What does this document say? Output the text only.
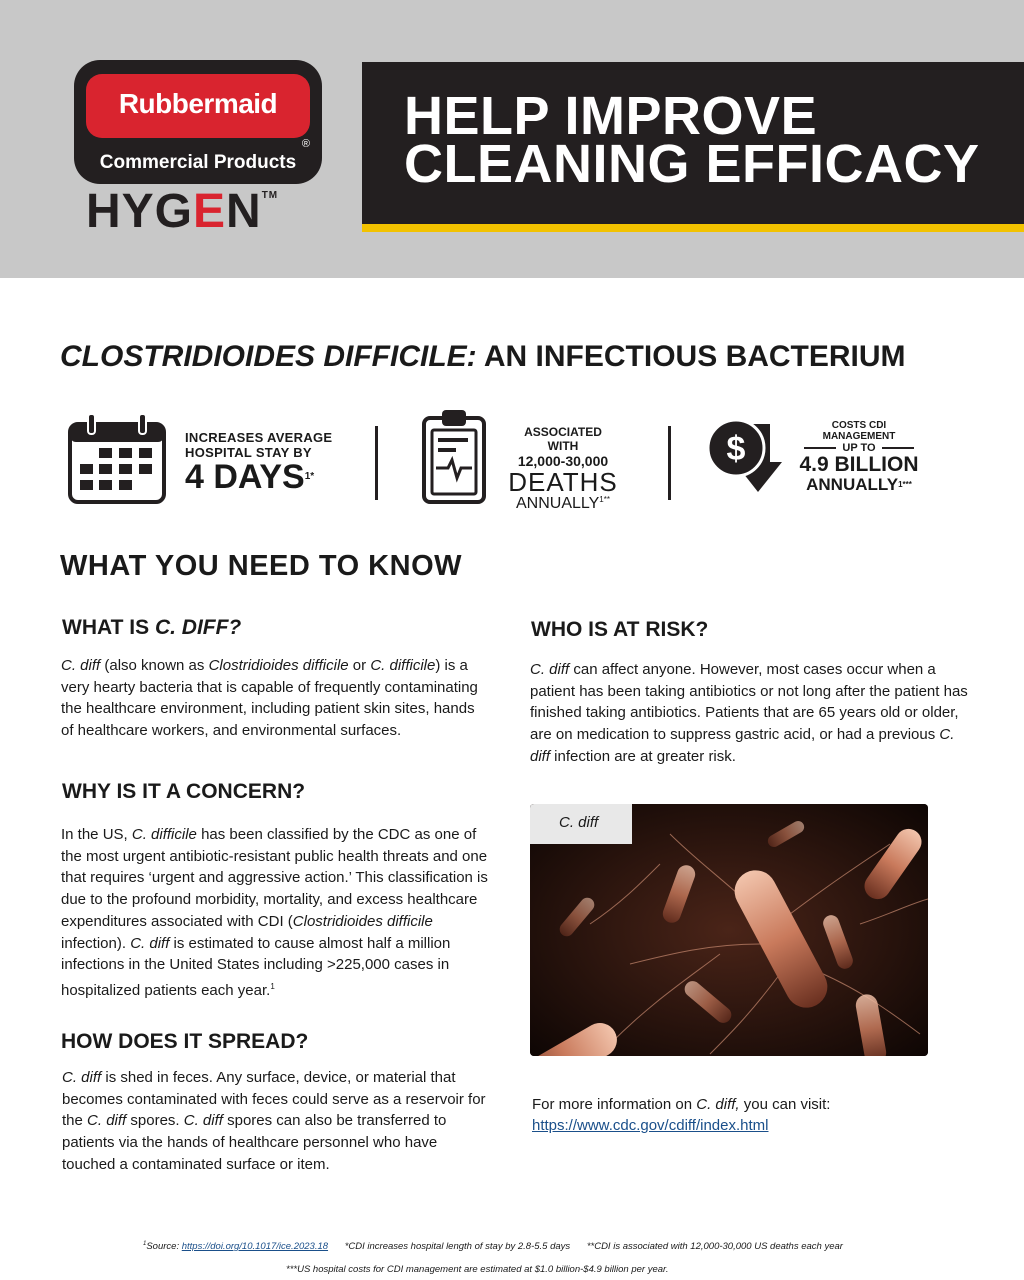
Rubbermaid
®
Commercial Products
HYGEN™
HELP IMPROVE
CLEANING EFFICACY
CLOSTRIDIOIDES DIFFICILE: AN INFECTIOUS BACTERIUM
INCREASES AVERAGE
HOSPITAL STAY BY
4 $DAYS^{1*}$
ASSOCIATED WITH
12,000-30,000
DEATHS
$ANNUALLY^{1**}$
$
COSTS CDI MANAGEMENT
UP TO
4.9 BILLION
$ANNUALLY^{1***}$
WHAT YOU NEED TO KNOW
WHAT IS C. DIFF?

C. diff (also known as Clostridioides difficile or C. difficile) is a very hearty bacteria that is capable of frequently contaminating the healthcare environment, including patient skin sites, hands of healthcare workers, and environmental surfaces.

WHY IS IT A CONCERN?

In the US, C. difficile has been classified by the CDC as one of the most urgent antibiotic-resistant public health threats and one that requires ‘urgent and aggressive action.’ This classification is due to the profound morbidity, mortality, and excess healthcare expenditures associated with CDI (Clostridioides difficile infection). C. diff is estimated to cause almost half a million infections in the United States including >225,000 cases in hospitalized patients each year.$^1$

HOW DOES IT SPREAD?

C. diff is shed in feces. Any surface, device, or material that becomes contaminated with feces could serve as a reservoir for the C. diff spores. C. diff spores can also be transferred to patients via the hands of healthcare personnel who have touched a contaminated surface or item.

WHO IS AT RISK?

C. diff can affect anyone. However, most cases occur when a patient has been taking antibiotics or not long after the patient has finished taking antibiotics. Patients that are 65 years old or older, are on medication to suppress gastric acid, or had a previous C. diff infection are at greater risk.

C. diff
For more information on C. diff, you can visit:
https://www.cdc.gov/cdiff/index.html
$^1$Source: https://doi.org/10.1017/ice.2023.18 *CDI increases hospital length of stay by 2.8-5.5 days **CDI is associated with 12,000-30,000 US deaths each year
***US hospital costs for CDI management are estimated at $1.0 billion-$4.9 billion per year.
